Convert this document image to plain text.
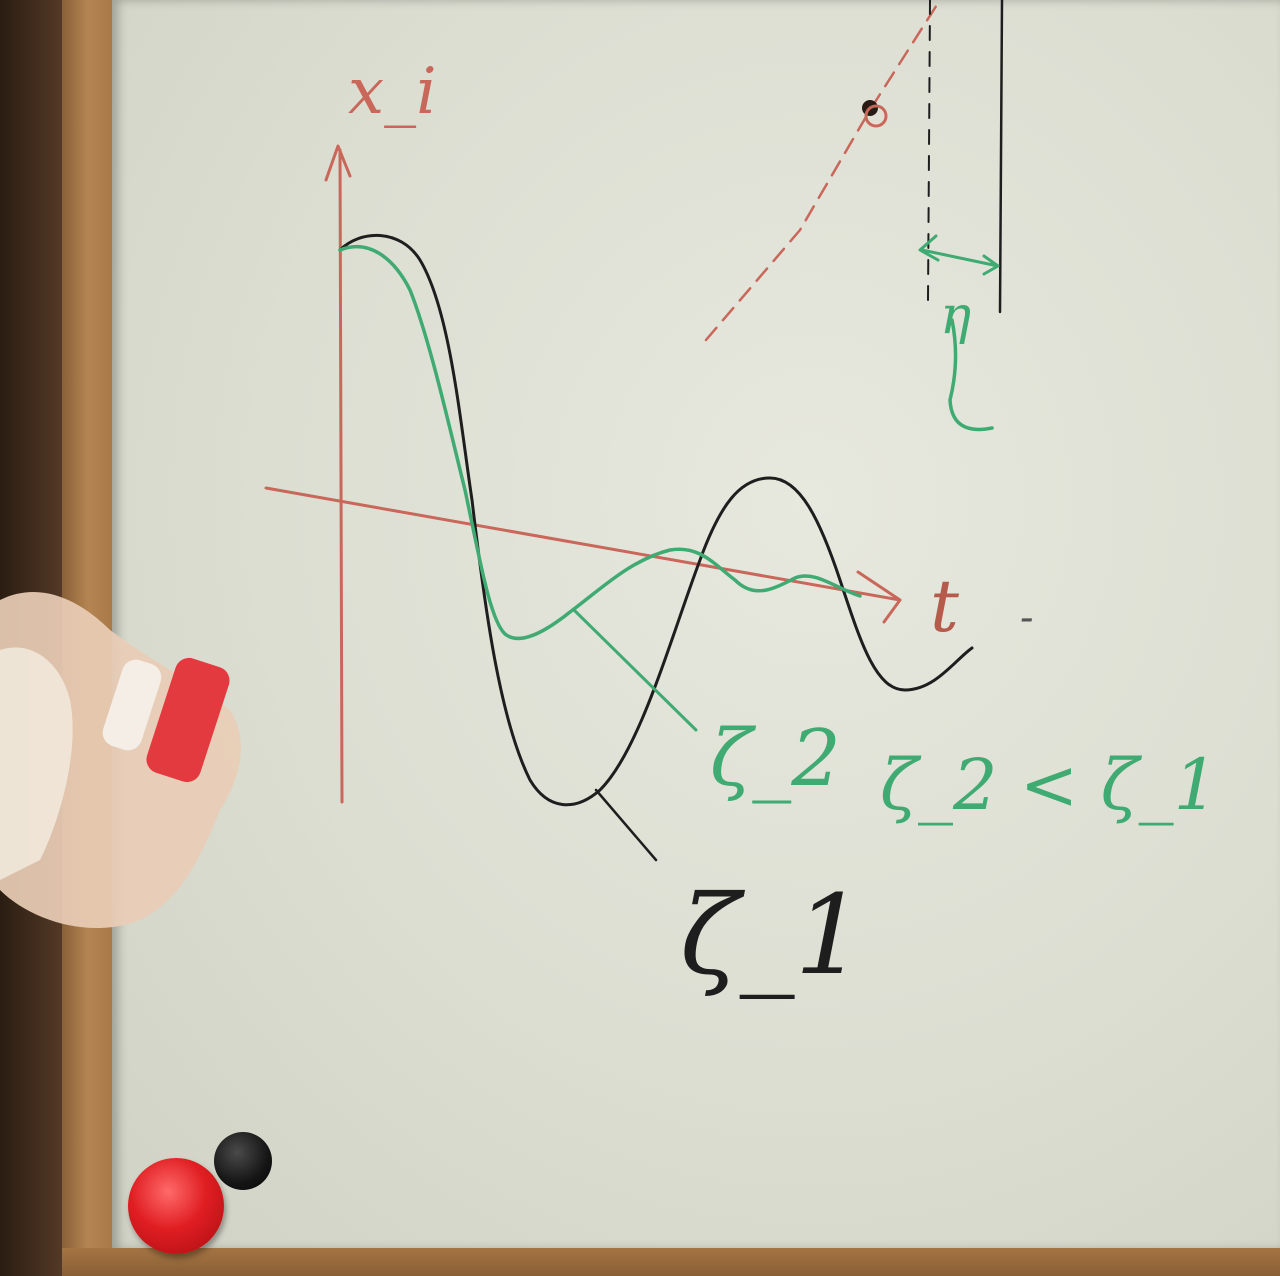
x_i
t -
η
ζ_2 ζ_2 < ζ_1
ζ_1
